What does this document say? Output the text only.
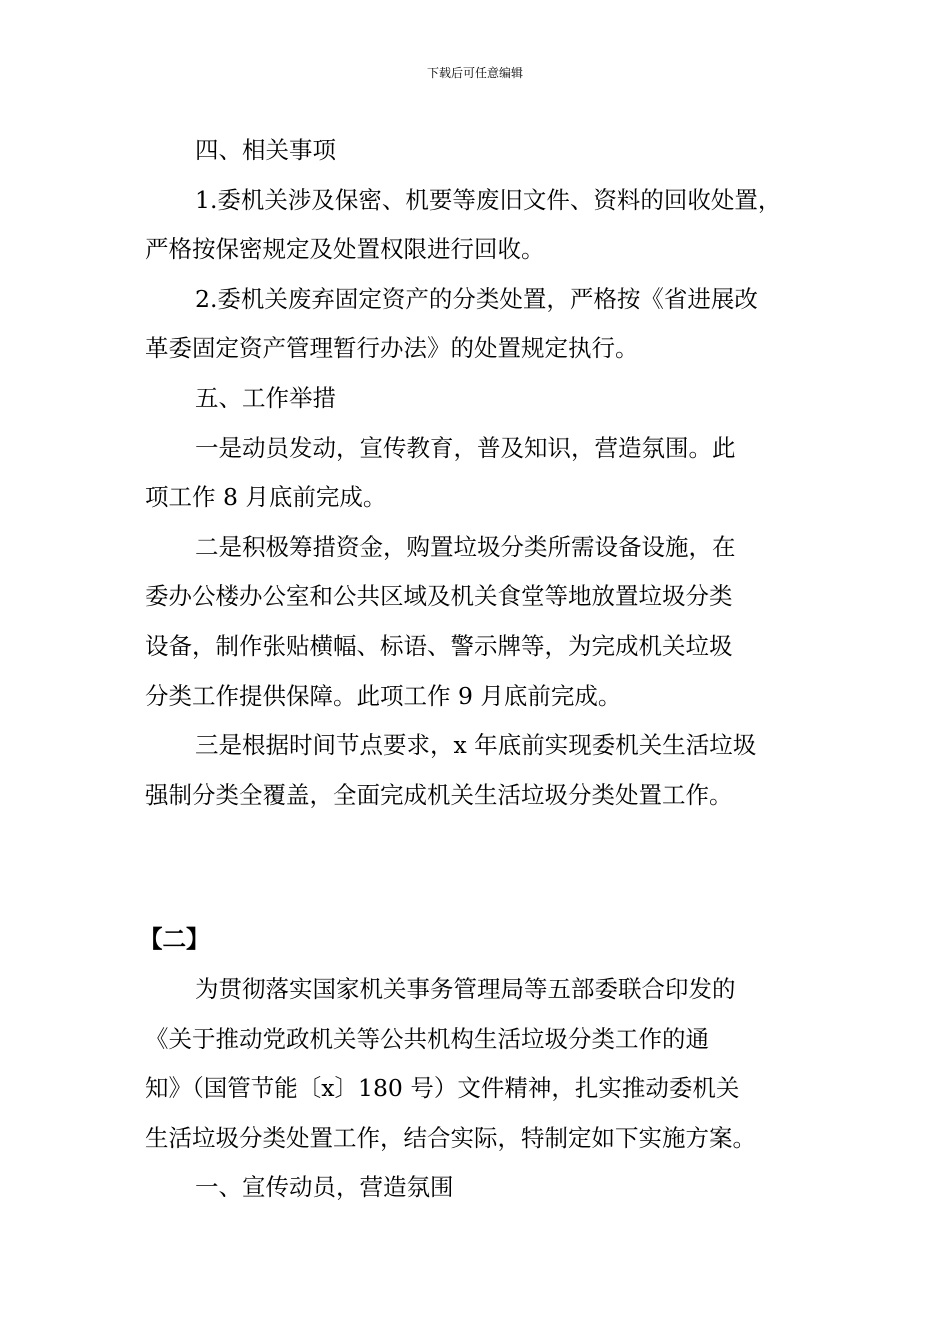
下载后可任意编辑

四、相关事项

1.委机关涉及保密、机要等废旧文件、资料的回收处置，

严格按保密规定及处置权限进行回收。

2.委机关废弃固定资产的分类处置，严格按《省进展改

革委固定资产管理暂行办法》的处置规定执行。

五、工作举措

一是动员发动，宣传教育，普及知识，营造氛围。此

项工作 8 月底前完成。

二是积极筹措资金，购置垃圾分类所需设备设施，在

委办公楼办公室和公共区域及机关食堂等地放置垃圾分类

设备，制作张贴横幅、标语、警示牌等，为完成机关垃圾

分类工作提供保障。此项工作 9 月底前完成。

三是根据时间节点要求，x 年底前实现委机关生活垃圾

强制分类全覆盖，全面完成机关生活垃圾分类处置工作。

【二】

为贯彻落实国家机关事务管理局等五部委联合印发的

《关于推动党政机关等公共机构生活垃圾分类工作的通

知》（国管节能〔x〕180 号）文件精神，扎实推动委机关

生活垃圾分类处置工作，结合实际，特制定如下实施方案。

一、宣传动员，营造氛围
